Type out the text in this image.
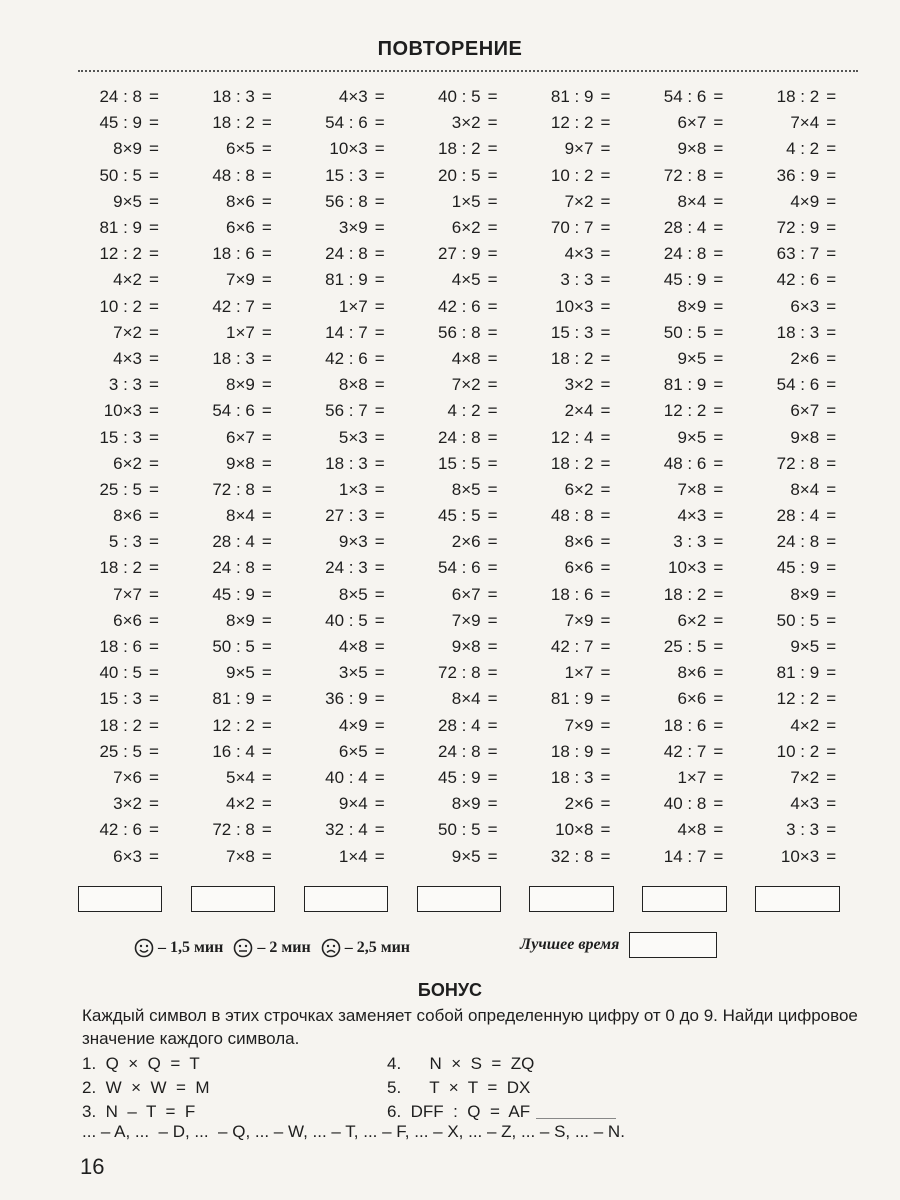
ПОВТОРЕНИЕ
24 : 8 =	18 : 3 =	4×3 =	40 : 5 =	81 : 9 =	54 : 6 =	18 : 2 =
45 : 9 =	18 : 2 =	54 : 6 =	3×2 =	12 : 2 =	6×7 =	7×4 =
8×9 =	6×5 =	10×3 =	18 : 2 =	9×7 =	9×8 =	4 : 2 =
50 : 5 =	48 : 8 =	15 : 3 =	20 : 5 =	10 : 2 =	72 : 8 =	36 : 9 =
9×5 =	8×6 =	56 : 8 =	1×5 =	7×2 =	8×4 =	4×9 =
81 : 9 =	6×6 =	3×9 =	6×2 =	70 : 7 =	28 : 4 =	72 : 9 =
12 : 2 =	18 : 6 =	24 : 8 =	27 : 9 =	4×3 =	24 : 8 =	63 : 7 =
4×2 =	7×9 =	81 : 9 =	4×5 =	3 : 3 =	45 : 9 =	42 : 6 =
10 : 2 =	42 : 7 =	1×7 =	42 : 6 =	10×3 =	8×9 =	6×3 =
7×2 =	1×7 =	14 : 7 =	56 : 8 =	15 : 3 =	50 : 5 =	18 : 3 =
4×3 =	18 : 3 =	42 : 6 =	4×8 =	18 : 2 =	9×5 =	2×6 =
3 : 3 =	8×9 =	8×8 =	7×2 =	3×2 =	81 : 9 =	54 : 6 =
10×3 =	54 : 6 =	56 : 7 =	4 : 2 =	2×4 =	12 : 2 =	6×7 =
15 : 3 =	6×7 =	5×3 =	24 : 8 =	12 : 4 =	9×5 =	9×8 =
6×2 =	9×8 =	18 : 3 =	15 : 5 =	18 : 2 =	48 : 6 =	72 : 8 =
25 : 5 =	72 : 8 =	1×3 =	8×5 =	6×2 =	7×8 =	8×4 =
8×6 =	8×4 =	27 : 3 =	45 : 5 =	48 : 8 =	4×3 =	28 : 4 =
5 : 3 =	28 : 4 =	9×3 =	2×6 =	8×6 =	3 : 3 =	24 : 8 =
18 : 2 =	24 : 8 =	24 : 3 =	54 : 6 =	6×6 =	10×3 =	45 : 9 =
7×7 =	45 : 9 =	8×5 =	6×7 =	18 : 6 =	18 : 2 =	8×9 =
6×6 =	8×9 =	40 : 5 =	7×9 =	7×9 =	6×2 =	50 : 5 =
18 : 6 =	50 : 5 =	4×8 =	9×8 =	42 : 7 =	25 : 5 =	9×5 =
40 : 5 =	9×5 =	3×5 =	72 : 8 =	1×7 =	8×6 =	81 : 9 =
15 : 3 =	81 : 9 =	36 : 9 =	8×4 =	81 : 9 =	6×6 =	12 : 2 =
18 : 2 =	12 : 2 =	4×9 =	28 : 4 =	7×9 =	18 : 6 =	4×2 =
25 : 5 =	16 : 4 =	6×5 =	24 : 8 =	18 : 9 =	42 : 7 =	10 : 2 =
7×6 =	5×4 =	40 : 4 =	45 : 9 =	18 : 3 =	1×7 =	7×2 =
3×2 =	4×2 =	9×4 =	8×9 =	2×6 =	40 : 8 =	4×3 =
42 : 6 =	72 : 8 =	32 : 4 =	50 : 5 =	10×8 =	4×8 =	3 : 3 =
6×3 =	7×8 =	1×4 =	9×5 =	32 : 8 =	14 : 7 =	10×3 =
– 1,5 мин – 2 мин – 2,5 мин	Лучшее время
БОНУС
Каждый символ в этих строчках заменяет собой определенную цифру от 0 до 9. Найди цифровое значение каждого символа.
1.  Q  ×  Q  =  T	4.      N  ×  S  =  ZQ
2.  W  ×  W  =  M	5.      T  ×  T  =  DX
3.  N  –  T  =  F	6.  DFF  :  Q  =  AF
... – A, ...  – D, ...  – Q, ... – W, ... – T, ... – F, ... – X, ... – Z, ... – S, ... – N.
16
